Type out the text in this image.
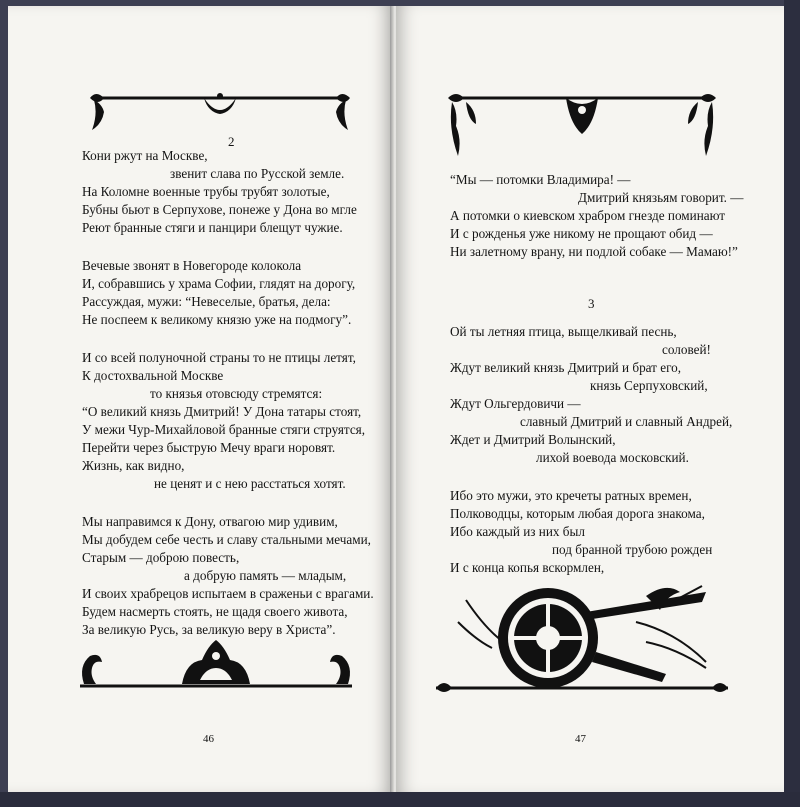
2
Кони ржут на Москве,
звенит слава по Русской земле.
На Коломне военные трубы трубят золотые,
Бубны бьют в Серпухове, понеже у Дона во мгле
Реют бранные стяги и панцири блещут чужие.
Вечевые звонят в Новегороде колокола
И, собравшись у храма Софии, глядят на дорогу,
Рассуждая, мужи: “Невеселые, братья, дела:
Не поспеем к великому князю уже на подмогу”.
И со всей полуночной страны то не птицы летят,
К достохвальной Москве
то князья отовсюду стремятся:
“О великий князь Дмитрий! У Дона татары стоят,
У межи Чур-Михайловой бранные стяги струятся,
Перейти через быструю Мечу враги норовят.
Жизнь, как видно,
не ценят и с нею расстаться хотят.
Мы направимся к Дону, отвагою мир удивим,
Мы добудем себе честь и славу стальными мечами,
Старым — доброю повесть,
а добрую память — младым,
И своих храбрецов испытаем в сраженьи с врагами.
Будем насмерть стоять, не щадя своего живота,
За великую Русь, за великую веру в Христа”.
46
“Мы — потомки Владимира! —
Дмитрий князьям говорит. —
А потомки о киевском храбром гнезде поминают
И с рожденья уже никому не прощают обид —
Ни залетному врану, ни подлой собаке — Мамаю!”
3
Ой ты летняя птица, выщелкивай песнь,
соловей!
Ждут великий князь Дмитрий и брат его,
князь Серпуховский,
Ждут Ольгердовичи —
славный Дмитрий и славный Андрей,
Ждет и Дмитрий Волынский,
лихой воевода московский.
Ибо это мужи, это кречеты ратных времен,
Полководцы, которым любая дорога знакома,
Ибо каждый из них был
под бранной трубою рожден
И с конца копья вскормлен,
47
